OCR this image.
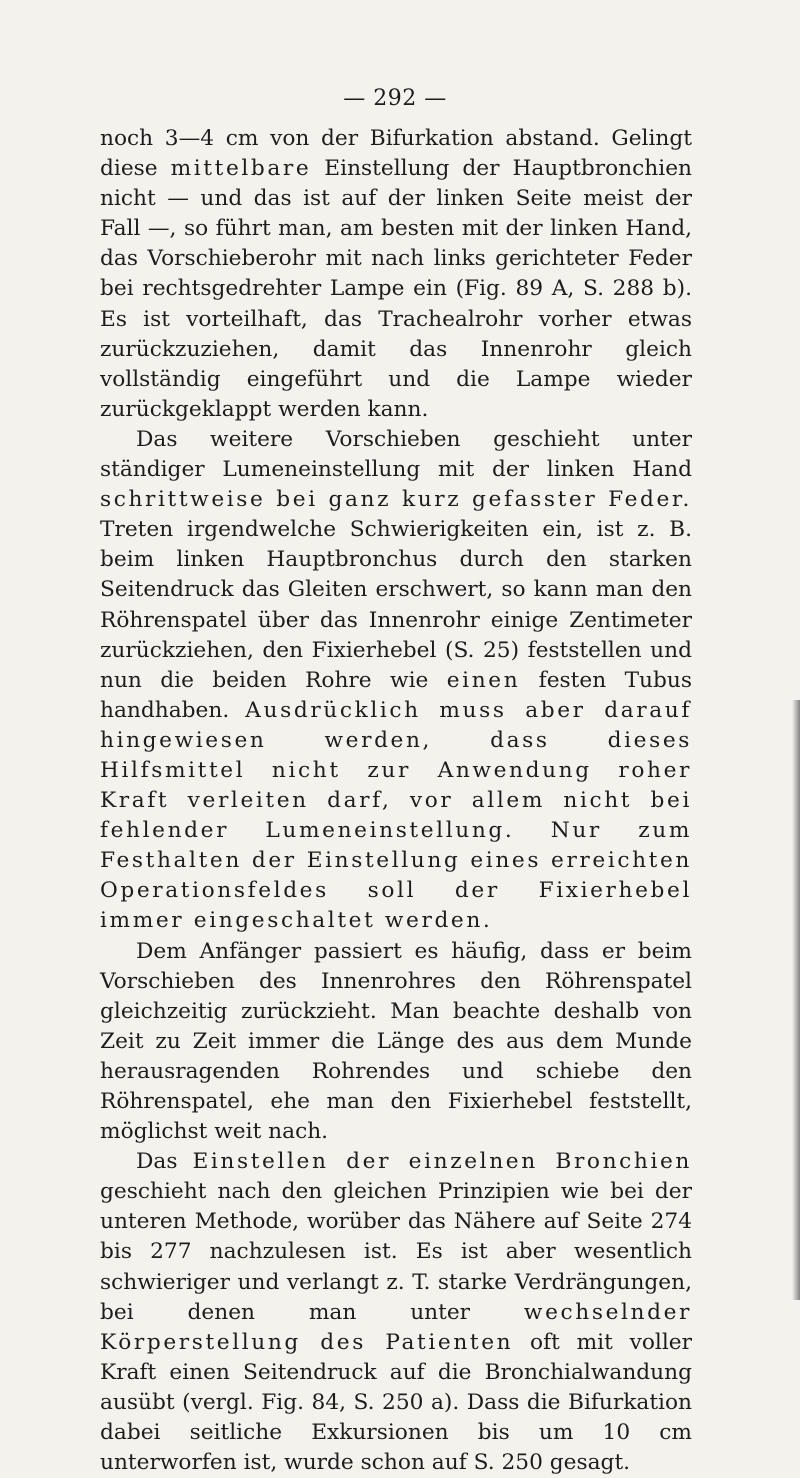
— 292 —

noch 3—4 cm von der Bifurkation abstand. Gelingt diese mittelbare Einstellung der Hauptbronchien nicht — und das ist auf der linken Seite meist der Fall —, so führt man, am besten mit der linken Hand, das Vorschieberohr mit nach links gerichteter Feder bei rechtsgedrehter Lampe ein (Fig. 89 A, S. 288 b). Es ist vorteilhaft, das Trachealrohr vorher etwas zurückzuziehen, damit das Innenrohr gleich vollständig eingeführt und die Lampe wieder zurückgeklappt werden kann.

Das weitere Vorschieben geschieht unter ständiger Lumeneinstellung mit der linken Hand schrittweise bei ganz kurz gefasster Feder. Treten irgendwelche Schwierigkeiten ein, ist z. B. beim linken Hauptbronchus durch den starken Seitendruck das Gleiten erschwert, so kann man den Röhrenspatel über das Innenrohr einige Zentimeter zurückziehen, den Fixierhebel (S. 25) feststellen und nun die beiden Rohre wie einen festen Tubus handhaben. Ausdrücklich muss aber darauf hingewiesen werden, dass dieses Hilfsmittel nicht zur Anwendung roher Kraft verleiten darf, vor allem nicht bei fehlender Lumeneinstellung. Nur zum Festhalten der Einstellung eines erreichten Operationsfeldes soll der Fixierhebel immer eingeschaltet werden.

Dem Anfänger passiert es häufig, dass er beim Vorschieben des Innenrohres den Röhrenspatel gleichzeitig zurückzieht. Man beachte deshalb von Zeit zu Zeit immer die Länge des aus dem Munde herausragenden Rohrendes und schiebe den Röhrenspatel, ehe man den Fixierhebel feststellt, möglichst weit nach.

Das Einstellen der einzelnen Bronchien geschieht nach den gleichen Prinzipien wie bei der unteren Methode, worüber das Nähere auf Seite 274 bis 277 nachzulesen ist. Es ist aber wesentlich schwieriger und verlangt z. T. starke Verdrängungen, bei denen man unter wechselnder Körperstellung des Patienten oft mit voller Kraft einen Seitendruck auf die Bronchialwandung ausübt (vergl. Fig. 84, S. 250 a). Dass die Bifurkation dabei seitliche Exkursionen bis um 10 cm unterworfen ist, wurde schon auf S. 250 gesagt.
